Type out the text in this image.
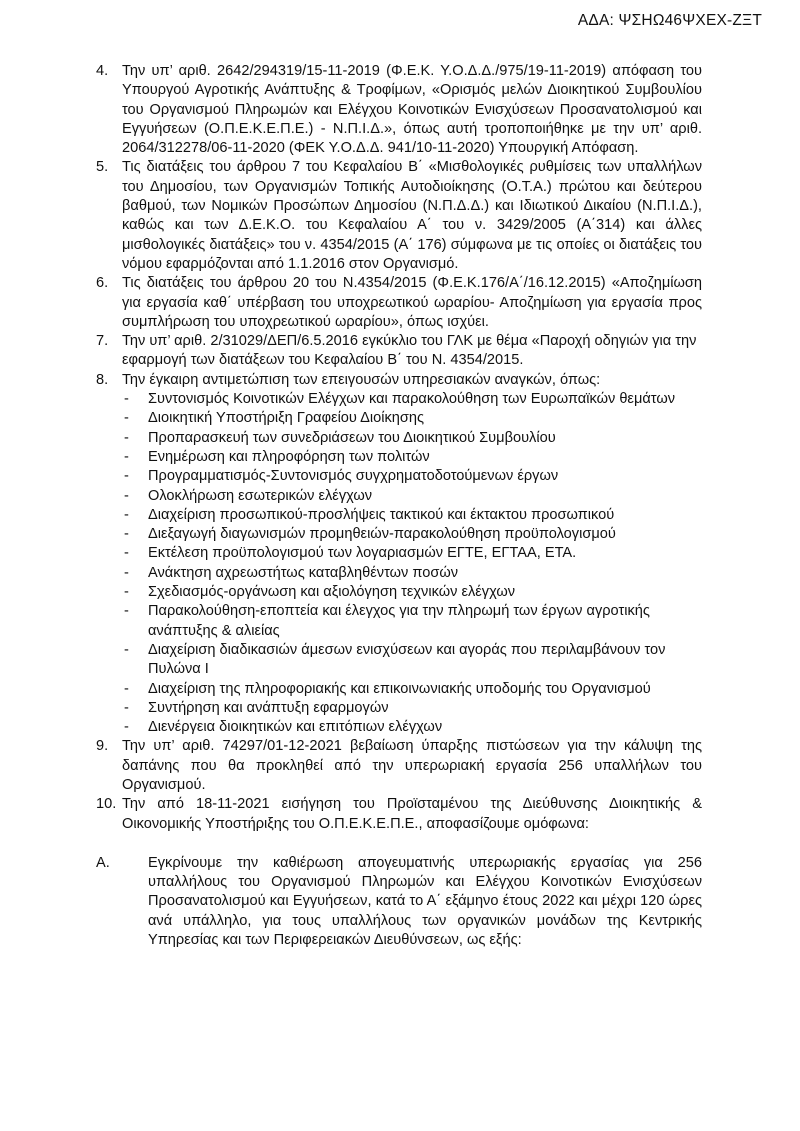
ΑΔΑ: ΨΣΗΩ46ΨΧΕΧ-ΖΞΤ
4. Την υπ’ αριθ. 2642/294319/15-11-2019 (Φ.Ε.Κ. Υ.Ο.Δ.Δ./975/19-11-2019) απόφαση του Υπουργού Αγροτικής Ανάπτυξης & Τροφίμων, «Ορισμός μελών Διοικητικού Συμβουλίου του Οργανισμού Πληρωμών και Ελέγχου Κοινοτικών Ενισχύσεων Προσανατολισμού και Εγγυήσεων (Ο.Π.Ε.Κ.Ε.Π.Ε.) - Ν.Π.Ι.Δ.», όπως αυτή τροποποιήθηκε με την υπ’ αριθ. 2064/312278/06-11-2020 (ΦΕΚ Υ.Ο.Δ.Δ. 941/10-11-2020) Υπουργική Απόφαση.
5. Τις διατάξεις του άρθρου 7 του Κεφαλαίου Β΄ «Μισθολογικές ρυθμίσεις των υπαλλήλων του Δημοσίου, των Οργανισμών Τοπικής Αυτοδιοίκησης (Ο.Τ.Α.) πρώτου και δεύτερου βαθμού, των Νομικών Προσώπων Δημοσίου (Ν.Π.Δ.Δ.) και Ιδιωτικού Δικαίου (Ν.Π.Ι.Δ.), καθώς και των Δ.Ε.Κ.Ο. του Κεφαλαίου Α΄ του ν. 3429/2005 (Α΄314) και άλλες μισθολογικές διατάξεις» του ν. 4354/2015 (Α΄ 176) σύμφωνα με τις οποίες οι διατάξεις του νόμου εφαρμόζονται από 1.1.2016 στον Οργανισμό.
6. Τις διατάξεις του άρθρου 20 του Ν.4354/2015 (Φ.Ε.Κ.176/Α΄/16.12.2015) «Αποζημίωση για εργασία καθ΄ υπέρβαση του υποχρεωτικού ωραρίου- Αποζημίωση για εργασία προς συμπλήρωση του υποχρεωτικού ωραρίου», όπως ισχύει.
7. Την υπ’ αριθ. 2/31029/ΔΕΠ/6.5.2016 εγκύκλιο του ΓΛΚ με θέμα «Παροχή οδηγιών για την εφαρμογή των διατάξεων του Κεφαλαίου Β΄ του Ν. 4354/2015.
8. Την έγκαιρη αντιμετώπιση των επειγουσών υπηρεσιακών αναγκών, όπως:
-	Συντονισμός Κοινοτικών Ελέγχων και παρακολούθηση των Ευρωπαϊκών θεμάτων
-	Διοικητική Υποστήριξη Γραφείου Διοίκησης
-	Προπαρασκευή των συνεδριάσεων του Διοικητικού Συμβουλίου
-	Ενημέρωση και πληροφόρηση των πολιτών
-	Προγραμματισμός-Συντονισμός συγχρηματοδοτούμενων έργων
-	Ολοκλήρωση εσωτερικών ελέγχων
-	Διαχείριση προσωπικού-προσλήψεις τακτικού και έκτακτου προσωπικού
-	Διεξαγωγή διαγωνισμών προμηθειών-παρακολούθηση προϋπολογισμού
-	Εκτέλεση προϋπολογισμού των λογαριασμών ΕΓΤΕ, ΕΓΤΑΑ, ΕΤΑ.
-	Ανάκτηση αχρεωστήτως καταβληθέντων ποσών
-	Σχεδιασμός-οργάνωση και αξιολόγηση τεχνικών ελέγχων
-	Παρακολούθηση-εποπτεία και έλεγχος για την πληρωμή των έργων αγροτικής ανάπτυξης & αλιείας
-	Διαχείριση διαδικασιών άμεσων ενισχύσεων και αγοράς που περιλαμβάνουν τον Πυλώνα Ι
-	Διαχείριση της πληροφοριακής και επικοινωνιακής υποδομής του Οργανισμού
-	Συντήρηση και ανάπτυξη εφαρμογών
-	Διενέργεια διοικητικών και επιτόπιων ελέγχων
9. Την υπ’ αριθ. 74297/01-12-2021 βεβαίωση ύπαρξης πιστώσεων για την κάλυψη της δαπάνης που θα προκληθεί από την υπερωριακή εργασία 256 υπαλλήλων του Οργανισμού.
10. Την από 18-11-2021 εισήγηση του Προϊσταμένου της Διεύθυνσης Διοικητικής & Οικονομικής Υποστήριξης του Ο.Π.Ε.Κ.Ε.Π.Ε., αποφασίζουμε ομόφωνα:
Α.	Εγκρίνουμε την καθιέρωση απογευματινής υπερωριακής εργασίας για 256 υπαλλήλους του Οργανισμού Πληρωμών και Ελέγχου Κοινοτικών Ενισχύσεων Προσανατολισμού και Εγγυήσεων, κατά το Α΄ εξάμηνο έτους 2022 και μέχρι 120 ώρες ανά υπάλληλο, για τους υπαλλήλους των οργανικών μονάδων της Κεντρικής Υπηρεσίας και των Περιφερειακών Διευθύνσεων, ως εξής:
